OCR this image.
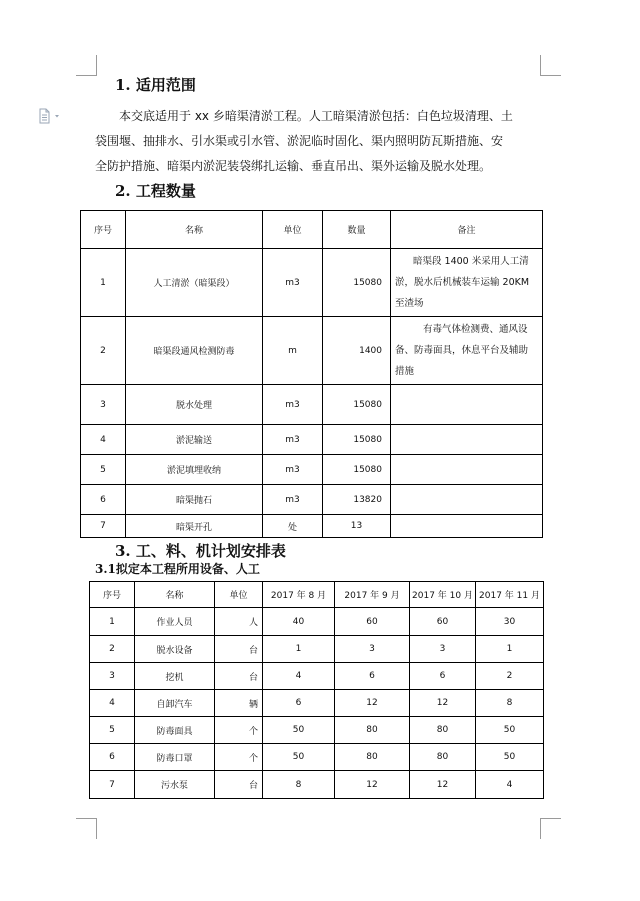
1. 适用范围
本交底适用于 xx 乡暗渠清淤工程。人工暗渠清淤包括：白色垃圾清理、土
袋围堰、抽排水、引水渠或引水管、淤泥临时固化、渠内照明防瓦斯措施、安
全防护措施、暗渠内淤泥装袋绑扎运输、垂直吊出、渠外运输及脱水处理。
2. 工程数量
序号	名称	单位	数量	备注
1	人工清淤（暗渠段）	m3	15080	暗渠段 1400 米采用人工清淤，脱水后机械装车运输 20KM 至渣场
2	暗渠段通风检测防毒	m	1400	有毒气体检测费、通风设备、防毒面具，休息平台及辅助措施
3	脱水处理	m3	15080	
4	淤泥输送	m3	15080	
5	淤泥填埋收纳	m3	15080	
6	暗渠抛石	m3	13820	
7	暗渠开孔	处	13	
3. 工、料、机计划安排表
3.1拟定本工程所用设备、人工
序号	名称	单位	2017 年 8 月	2017 年 9 月	2017 年 10 月	2017 年 11 月
1	作业人员	人	40	60	60	30
2	脱水设备	台	1	3	3	1
3	挖机	台	4	6	6	2
4	自卸汽车	辆	6	12	12	8
5	防毒面具	个	50	80	80	50
6	防毒口罩	个	50	80	80	50
7	污水泵	台	8	12	12	4
